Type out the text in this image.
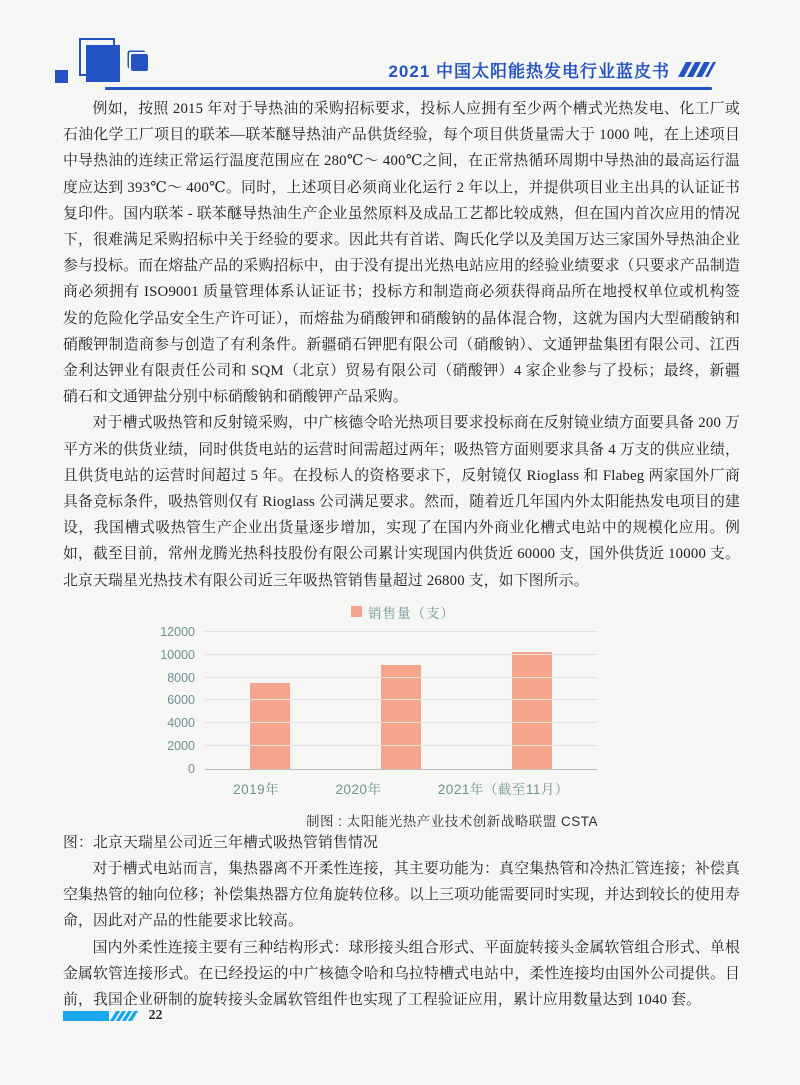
2021 中国太阳能热发电行业蓝皮书

例如，按照 2015 年对于导热油的采购招标要求，投标人应拥有至少两个槽式光热发电、化工厂或石油化学工厂项目的联苯—联苯醚导热油产品供货经验，每个项目供货量需大于 1000 吨，在上述项目中导热油的连续正常运行温度范围应在 280℃～ 400℃之间，在正常热循环周期中导热油的最高运行温度应达到 393℃～ 400℃。同时，上述项目必须商业化运行 2 年以上，并提供项目业主出具的认证证书复印件。国内联苯 - 联苯醚导热油生产企业虽然原料及成品工艺都比较成熟，但在国内首次应用的情况下，很难满足采购招标中关于经验的要求。因此共有首诺、陶氏化学以及美国万达三家国外导热油企业参与投标。而在熔盐产品的采购招标中，由于没有提出光热电站应用的经验业绩要求（只要求产品制造商必须拥有 ISO9001 质量管理体系认证证书；投标方和制造商必须获得商品所在地授权单位或机构签发的危险化学品安全生产许可证），而熔盐为硝酸钾和硝酸钠的晶体混合物，这就为国内大型硝酸钠和硝酸钾制造商参与创造了有利条件。新疆硝石钾肥有限公司（硝酸钠）、文通钾盐集团有限公司、江西金利达钾业有限责任公司和 SQM（北京）贸易有限公司（硝酸钾）4 家企业参与了投标；最终，新疆硝石和文通钾盐分别中标硝酸钠和硝酸钾产品采购。

对于槽式吸热管和反射镜采购，中广核德令哈光热项目要求投标商在反射镜业绩方面要具备 200 万平方米的供货业绩，同时供货电站的运营时间需超过两年；吸热管方面则要求具备 4 万支的供应业绩，且供货电站的运营时间超过 5 年。在投标人的资格要求下，反射镜仅 Rioglass 和 Flabeg 两家国外厂商具备竞标条件，吸热管则仅有 Rioglass 公司满足要求。然而，随着近几年国内外太阳能热发电项目的建设，我国槽式吸热管生产企业出货量逐步增加，实现了在国内外商业化槽式电站中的规模化应用。例如，截至目前，常州龙腾光热科技股份有限公司累计实现国内供货近 60000 支，国外供货近 10000 支。北京天瑞星光热技术有限公司近三年吸热管销售量超过 26800 支，如下图所示。

销售量（支）
0
2000
4000
6000
8000
10000
12000
2019年	2020年	2021年（截至11月）
制图 : 太阳能光热产业技术创新战略联盟 CSTA

图：北京天瑞星公司近三年槽式吸热管销售情况

对于槽式电站而言，集热器离不开柔性连接，其主要功能为：真空集热管和冷热汇管连接；补偿真空集热管的轴向位移；补偿集热器方位角旋转位移。以上三项功能需要同时实现，并达到较长的使用寿命，因此对产品的性能要求比较高。

国内外柔性连接主要有三种结构形式：球形接头组合形式、平面旋转接头金属软管组合形式、单根金属软管连接形式。在已经投运的中广核德令哈和乌拉特槽式电站中，柔性连接均由国外公司提供。目前，我国企业研制的旋转接头金属软管组件也实现了工程验证应用，累计应用数量达到 1040 套。

22
